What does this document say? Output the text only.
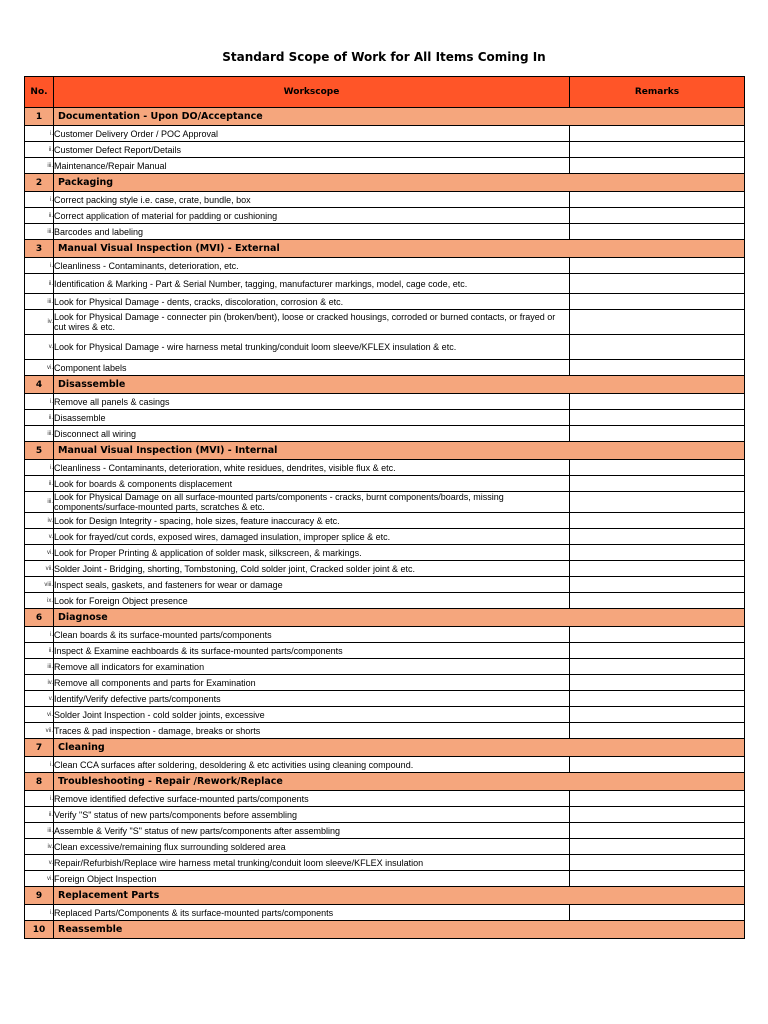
Standard Scope of Work for All Items Coming In
No.	Workscope	Remarks
1	Documentation - Upon DO/Acceptance	
i.	Customer Delivery Order / POC Approval	
ii.	Customer Defect Report/Details	
iii.	Maintenance/Repair Manual	
2	Packaging	
i.	Correct packing style i.e. case, crate, bundle, box	
ii.	Correct application of material for padding or cushioning	
iii.	Barcodes and labeling	
3	Manual Visual Inspection (MVI) - External	
i.	Cleanliness - Contaminants, deterioration, etc.	
ii.	Identification & Marking - Part & Serial Number, tagging, manufacturer markings, model, cage code, etc.	
iii.	Look for Physical Damage - dents, cracks, discoloration, corrosion & etc.	
iv.	Look for Physical Damage - connecter pin (broken/bent), loose or cracked housings, corroded or burned contacts, or frayed or cut wires & etc.	
v.	Look for Physical Damage - wire harness metal trunking/conduit loom sleeve/KFLEX insulation & etc.	
vi.	Component labels	
4	Disassemble	
i.	Remove all panels & casings	
ii.	Disassemble	
iii.	Disconnect all wiring	
5	Manual Visual Inspection (MVI) - Internal	
i.	Cleanliness - Contaminants, deterioration, white residues, dendrites, visible flux & etc.	
ii.	Look for boards & components displacement	
iii.	Look for Physical Damage on all surface-mounted parts/components - cracks, burnt components/boards, missing components/surface-mounted parts, scratches & etc.	
iv.	Look for Design Integrity - spacing, hole sizes, feature inaccuracy & etc.	
v.	Look for frayed/cut cords, exposed wires, damaged insulation, improper splice & etc.	
vi.	Look for Proper Printing & application of solder mask, silkscreen, & markings.	
vii.	Solder Joint - Bridging, shorting, Tombstoning, Cold solder joint, Cracked solder joint & etc.	
viii.	Inspect seals, gaskets, and fasteners for wear or damage	
ix.	Look for Foreign Object presence	
6	Diagnose	
i.	Clean boards & its surface-mounted parts/components	
ii.	Inspect & Examine eachboards & its surface-mounted parts/components	
iii.	Remove all indicators for examination	
iv.	Remove all components and parts for Examination	
v.	Identify/Verify defective parts/components	
vi.	Solder Joint Inspection - cold solder joints, excessive	
vii.	Traces & pad inspection - damage, breaks or shorts	
7	Cleaning	
i.	Clean CCA surfaces after soldering, desoldering & etc activities using cleaning compound.	
8	Troubleshooting - Repair /Rework/Replace	
i.	Remove identified defective surface-mounted parts/components	
ii.	Verify "S" status of new parts/components before assembling	
iii.	Assemble & Verify "S" status of new parts/components after assembling	
iv.	Clean excessive/remaining flux surrounding soldered area	
v.	Repair/Refurbish/Replace wire harness metal trunking/conduit loom sleeve/KFLEX insulation	
vi.	Foreign Object Inspection	
9	Replacement Parts	
i.	Replaced Parts/Components & its surface-mounted parts/components	
10	Reassemble	
